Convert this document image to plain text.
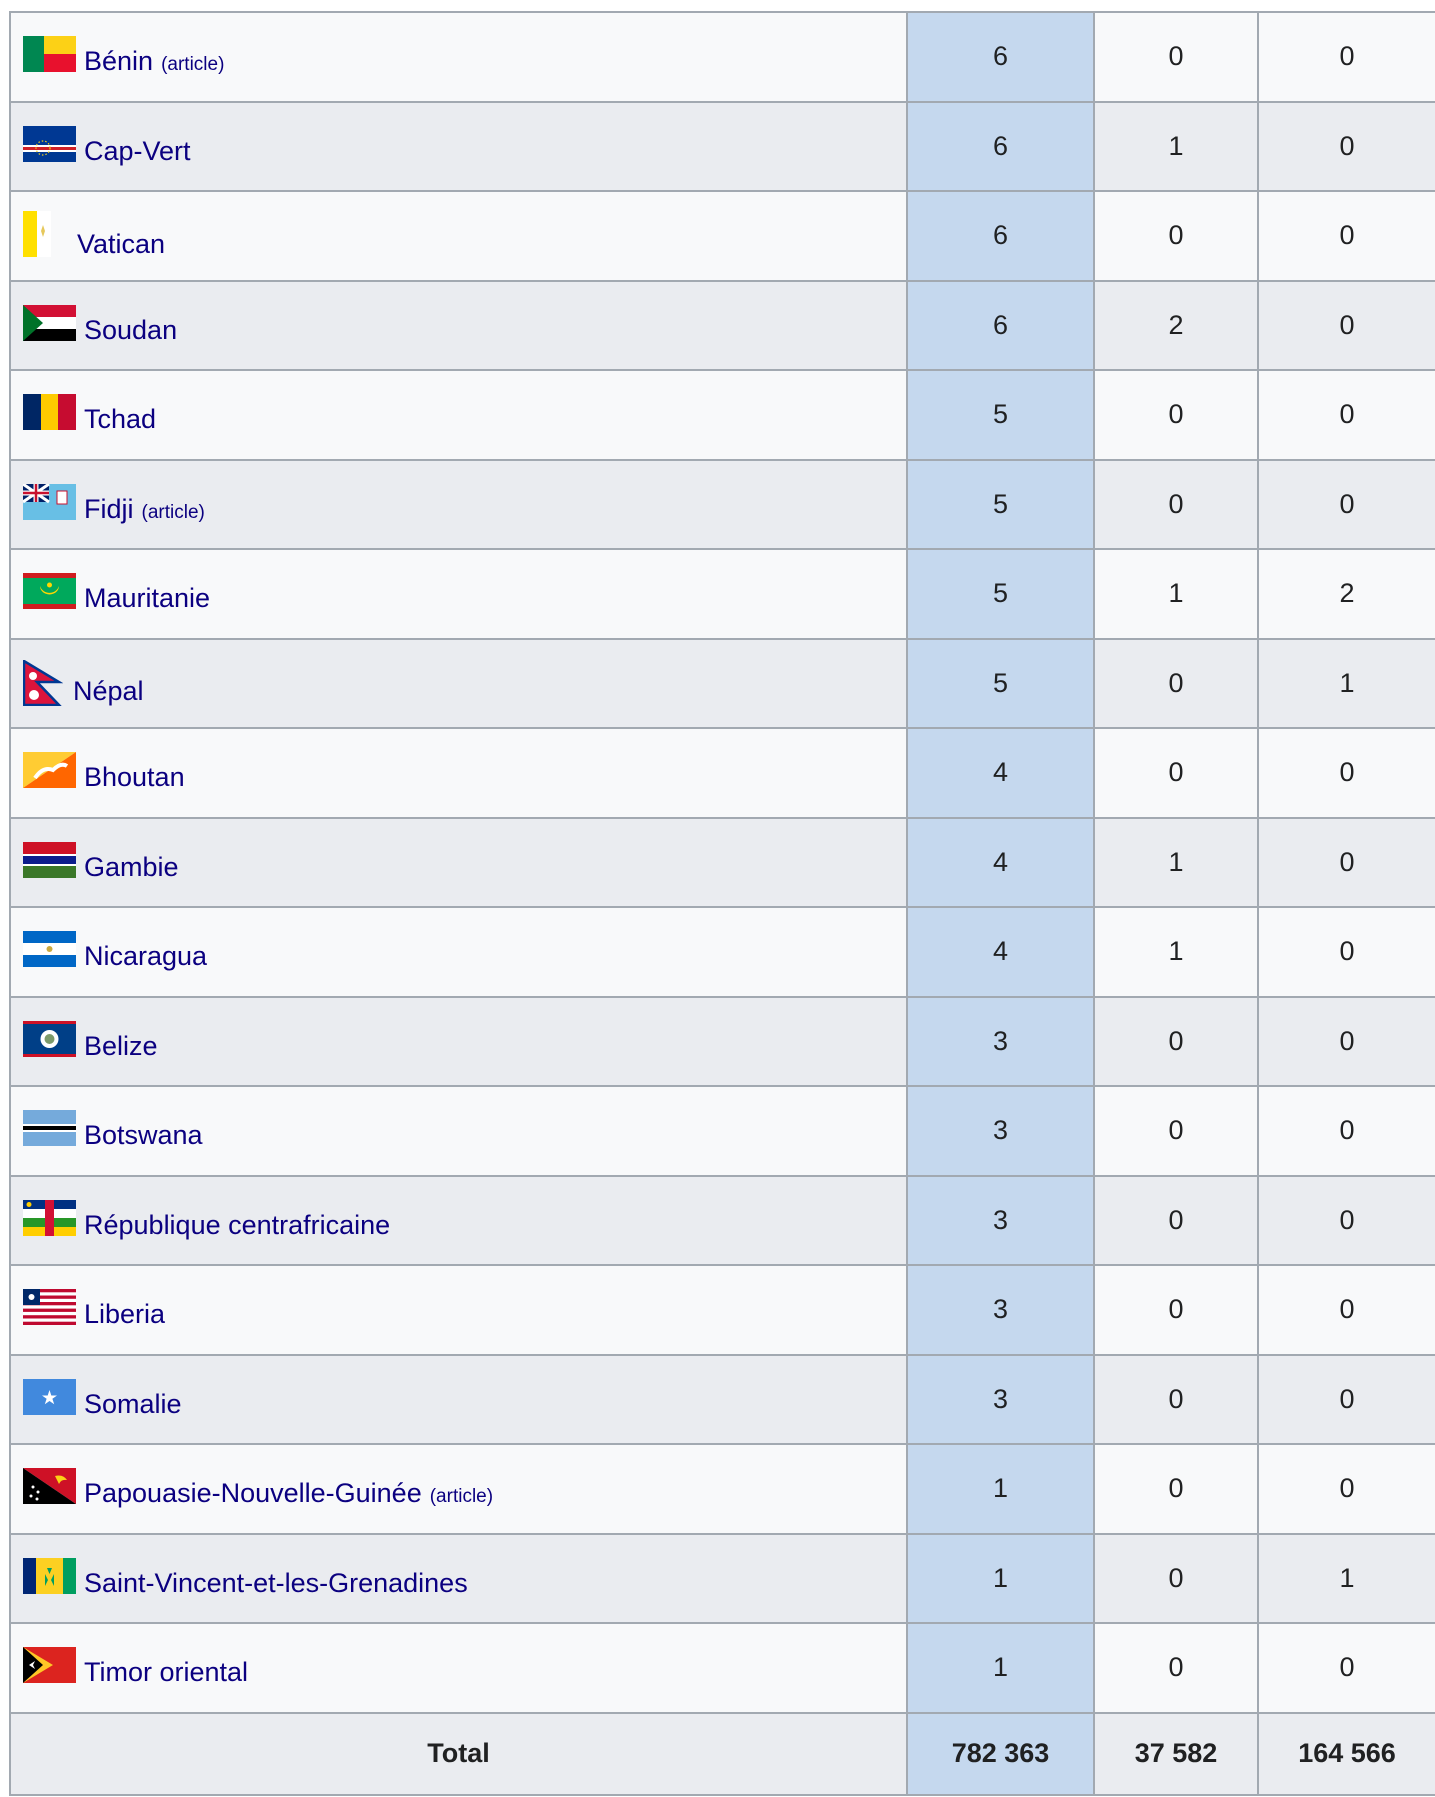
Bénin (article)	6	0	0

Cap-Vert	6	1	0

Vatican	6	0	0

Soudan	6	2	0

Tchad	5	0	0

Fidji (article)	5	0	0

Mauritanie	5	1	2

Népal	5	0	1

Bhoutan	4	0	0

Gambie	4	1	0

Nicaragua	4	1	0

Belize	3	0	0

Botswana	3	0	0

République centrafricaine	3	0	0

Liberia	3	0	0

Somalie	3	0	0

Papouasie-Nouvelle-Guinée (article)	1	0	0

Saint-Vincent-et-les-Grenadines	1	0	1

Timor oriental	1	0	0
Total	782 363	37 582	164 566
